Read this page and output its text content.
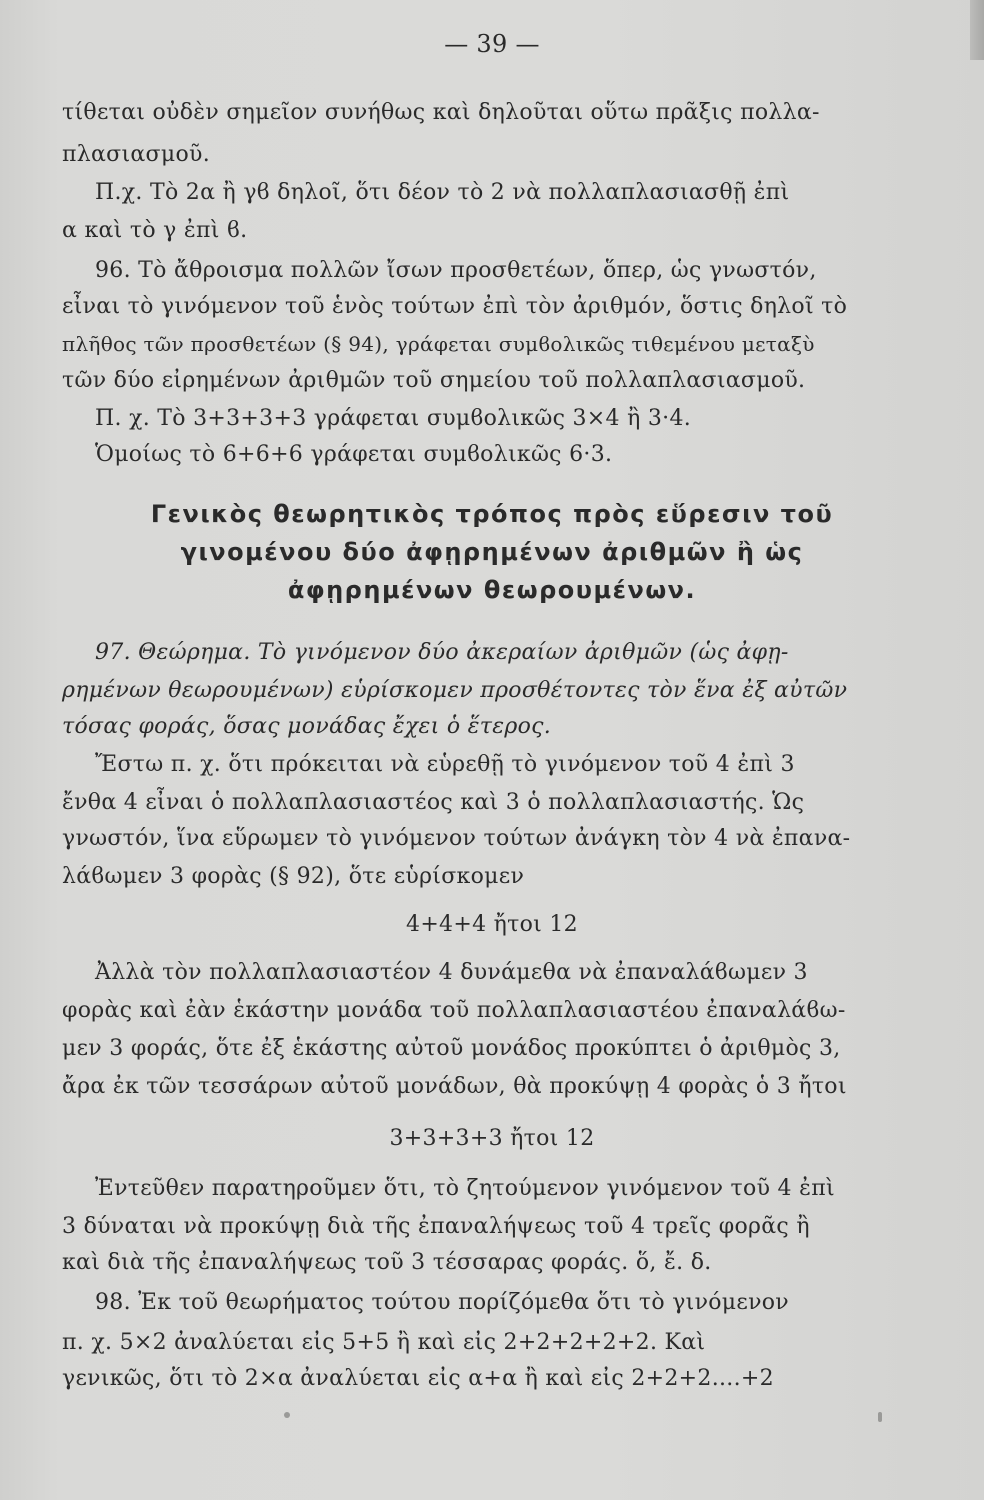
— 39 —
τίθεται οὐδὲν σημεῖον συνήθως καὶ δηλοῦται οὕτω πρᾶξις πολλα-
πλασιασμοῦ.
Π.χ. Τὸ 2α ἢ γϐ δηλοῖ, ὅτι δέον τὸ 2 νὰ πολλαπλασιασθῇ ἐπὶ
α καὶ τὸ γ ἐπὶ ϐ.
96. Τὸ ἄθροισμα πολλῶν ἴσων προσθετέων, ὅπερ, ὡς γνωστόν,
εἶναι τὸ γινόμενον τοῦ ἑνὸς τούτων ἐπὶ τὸν ἀριθμόν, ὅστις δηλοῖ τὸ
πλῆθος τῶν προσθετέων (§ 94), γράφεται συμϐολικῶς τιθεμένου μεταξὺ
τῶν δύο εἰρημένων ἀριθμῶν τοῦ σημείου τοῦ πολλαπλασιασμοῦ.
Π. χ. Τὸ 3+3+3+3 γράφεται συμϐολικῶς 3×4 ἢ 3·4.
Ὁμοίως τὸ 6+6+6 γράφεται συμϐολικῶς 6·3.
Γενικὸς θεωρητικὸς τρόπος πρὸς εὕρεσιν τοῦ
γινομένου δύο ἀφῃρημένων ἀριθμῶν ἢ ὡς
ἀφῃρημένων θεωρουμένων.
97. Θεώρημα. Τὸ γινόμενον δύο ἀκεραίων ἀριθμῶν (ὡς ἀφῃ-
ρημένων θεωρουμένων) εὑρίσκομεν προσθέτοντες τὸν ἕνα ἐξ αὐτῶν
τόσας φοράς, ὅσας μονάδας ἔχει ὁ ἕτερος.
Ἔστω π. χ. ὅτι πρόκειται νὰ εὑρεθῇ τὸ γινόμενον τοῦ 4 ἐπὶ 3
ἔνθα 4 εἶναι ὁ πολλαπλασιαστέος καὶ 3 ὁ πολλαπλασιαστής. Ὡς
γνωστόν, ἵνα εὕρωμεν τὸ γινόμενον τούτων ἀνάγκη τὸν 4 νὰ ἐπανα-
λάϐωμεν 3 φορὰς (§ 92), ὅτε εὑρίσκομεν
4+4+4 ἤτοι 12
Ἀλλὰ τὸν πολλαπλασιαστέον 4 δυνάμεθα νὰ ἐπαναλάϐωμεν 3
φορὰς καὶ ἐὰν ἑκάστην μονάδα τοῦ πολλαπλασιαστέου ἐπαναλάϐω-
μεν 3 φοράς, ὅτε ἐξ ἑκάστης αὐτοῦ μονάδος προκύπτει ὁ ἀριθμὸς 3,
ἄρα ἐκ τῶν τεσσάρων αὐτοῦ μονάδων, θὰ προκύψῃ 4 φορὰς ὁ 3 ἤτοι
3+3+3+3 ἤτοι 12
Ἐντεῦθεν παρατηροῦμεν ὅτι, τὸ ζητούμενον γινόμενον τοῦ 4 ἐπὶ
3 δύναται νὰ προκύψῃ διὰ τῆς ἐπαναλήψεως τοῦ 4 τρεῖς φορᾶς ἢ
καὶ διὰ τῆς ἐπαναλήψεως τοῦ 3 τέσσαρας φοράς. ὅ, ἔ. δ.
98. Ἐκ τοῦ θεωρήματος τούτου πορίζόμεθα ὅτι τὸ γινόμενον
π. χ. 5×2 ἀναλύεται εἰς 5+5 ἢ καὶ εἰς 2+2+2+2+2. Καὶ
γενικῶς, ὅτι τὸ 2×α ἀναλύεται εἰς α+α ἢ καὶ εἰς 2+2+2....+2
